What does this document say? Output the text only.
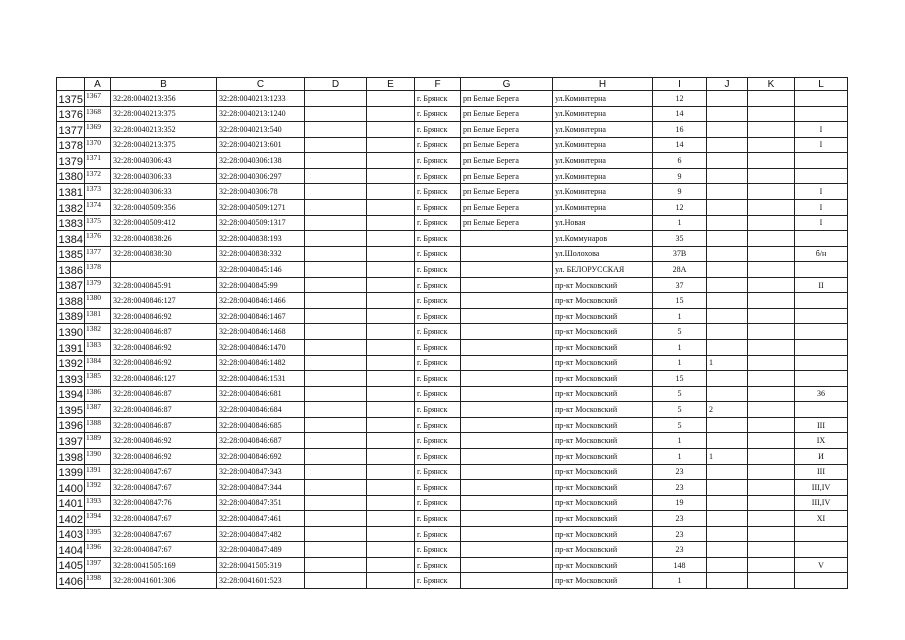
	A	B	C	D	E	F	G	H	I	J	K	L
1375	1367	32:28:0040213:356	32:28:0040213:1233			г. Брянск	рп Белые Берега	ул.Коминтерна	12			
1376	1368	32:28:0040213:375	32:28:0040213:1240			г. Брянск	рп Белые Берега	ул.Коминтерна	14			
1377	1369	32:28:0040213:352	32:28:0040213:540			г. Брянск	рп Белые Берега	ул.Коминтерна	16			I
1378	1370	32:28:0040213:375	32:28:0040213:601			г. Брянск	рп Белые Берега	ул.Коминтерна	14			I
1379	1371	32:28:0040306:43	32:28:0040306:138			г. Брянск	рп Белые Берега	ул.Коминтерна	6			
1380	1372	32:28:0040306:33	32:28:0040306:297			г. Брянск	рп Белые Берега	ул.Коминтерна	9			
1381	1373	32:28:0040306:33	32:28:0040306:78			г. Брянск	рп Белые Берега	ул.Коминтерна	9			I
1382	1374	32:28:0040509:356	32:28:0040509:1271			г. Брянск	рп Белые Берега	ул.Коминтерна	12			I
1383	1375	32:28:0040509:412	32:28:0040509:1317			г. Брянск	рп Белые Берега	ул.Новая	1			I
1384	1376	32:28:0040838:26	32:28:0040838:193			г. Брянск		ул.Коммунаров	35			
1385	1377	32:28:0040838:30	32:28:0040838:332			г. Брянск		ул.Шолохова	37В			б/н
1386	1378		32:28:0040845:146			г. Брянск		ул. БЕЛОРУССКАЯ	28А			
1387	1379	32:28:0040845:91	32:28:0040845:99			г. Брянск		пр-кт Московский	37			II
1388	1380	32:28:0040846:127	32:28:0040846:1466			г. Брянск		пр-кт Московский	15			
1389	1381	32:28:0040846:92	32:28:0040846:1467			г. Брянск		пр-кт Московский	1			
1390	1382	32:28:0040846:87	32:28:0040846:1468			г. Брянск		пр-кт Московский	5			
1391	1383	32:28:0040846:92	32:28:0040846:1470			г. Брянск		пр-кт Московский	1			
1392	1384	32:28:0040846:92	32:28:0040846:1482			г. Брянск		пр-кт Московский	1	1		
1393	1385	32:28:0040846:127	32:28:0040846:1531			г. Брянск		пр-кт Московский	15			
1394	1386	32:28:0040846:87	32:28:0040846:681			г. Брянск		пр-кт Московский	5			36
1395	1387	32:28:0040846:87	32:28:0040846:684			г. Брянск		пр-кт Московский	5	2		
1396	1388	32:28:0040846:87	32:28:0040846:685			г. Брянск		пр-кт Московский	5			III
1397	1389	32:28:0040846:92	32:28:0040846:687			г. Брянск		пр-кт Московский	1			IX
1398	1390	32:28:0040846:92	32:28:0040846:692			г. Брянск		пр-кт Московский	1	1		И
1399	1391	32:28:0040847:67	32:28:0040847:343			г. Брянск		пр-кт Московский	23			III
1400	1392	32:28:0040847:67	32:28:0040847:344			г. Брянск		пр-кт Московский	23			III,IV
1401	1393	32:28:0040847:76	32:28:0040847:351			г. Брянск		пр-кт Московский	19			III,IV
1402	1394	32:28:0040847:67	32:28:0040847:461			г. Брянск		пр-кт Московский	23			XI
1403	1395	32:28:0040847:67	32:28:0040847:482			г. Брянск		пр-кт Московский	23			
1404	1396	32:28:0040847:67	32:28:0040847:489			г. Брянск		пр-кт Московский	23			
1405	1397	32:28:0041505:169	32:28:0041505:319			г. Брянск		пр-кт Московский	148			V
1406	1398	32:28:0041601:306	32:28:0041601:523			г. Брянск		пр-кт Московский	1			
